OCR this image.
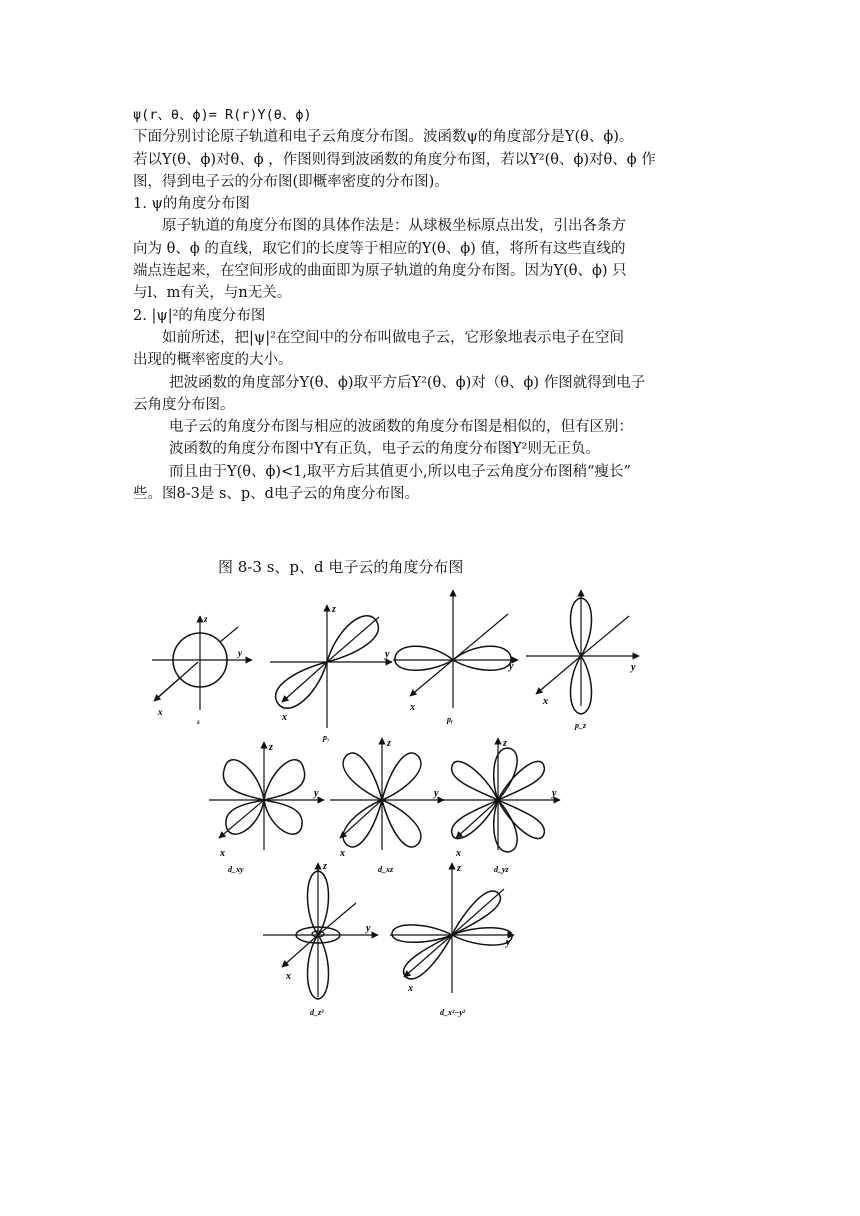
ψ(r、θ、ϕ)= R(r)Y(θ、ϕ)
下面分别讨论原子轨道和电子云角度分布图。波函数ψ的角度部分是Y(θ、ϕ)。
若以Y(θ、ϕ)对θ、ϕ ，作图则得到波函数的角度分布图，若以Y²(θ、ϕ)对θ、ϕ 作
图，得到电子云的分布图(即概率密度的分布图)。
1. ψ的角度分布图
原子轨道的角度分布图的具体作法是：从球极坐标原点出发，引出各条方
向为 θ、ϕ 的直线，取它们的长度等于相应的Y(θ、ϕ) 值，将所有这些直线的
端点连起来，在空间形成的曲面即为原子轨道的角度分布图。因为Y(θ、ϕ) 只
与l、m有关，与n无关。
2. |ψ|²的角度分布图
如前所述，把|ψ|²在空间中的分布叫做电子云，它形象地表示电子在空间
出现的概率密度的大小。
把波函数的角度部分Y(θ、ϕ)取平方后Y²(θ、ϕ)对（θ、ϕ) 作图就得到电子
云角度分布图。
电子云的角度分布图与相应的波函数的角度分布图是相似的，但有区别：
波函数的角度分布图中Y有正负，电子云的角度分布图Y²则无正负。
而且由于Y(θ、ϕ)<1,取平方后其值更小,所以电子云角度分布图稍“瘦长”
些。图8-3是 s、p、d电子云的角度分布图。
图 8-3 s、p、d 电子云的角度分布图
y
z
x
s
y
z
x
pₓ
y
x
pᵧ
y
x
p_z
y
z
x
d_xy
y
z
x
d_xz
y
z
x
d_yz
y
z
x
d_z²
y
z
x
d_x²−y²
